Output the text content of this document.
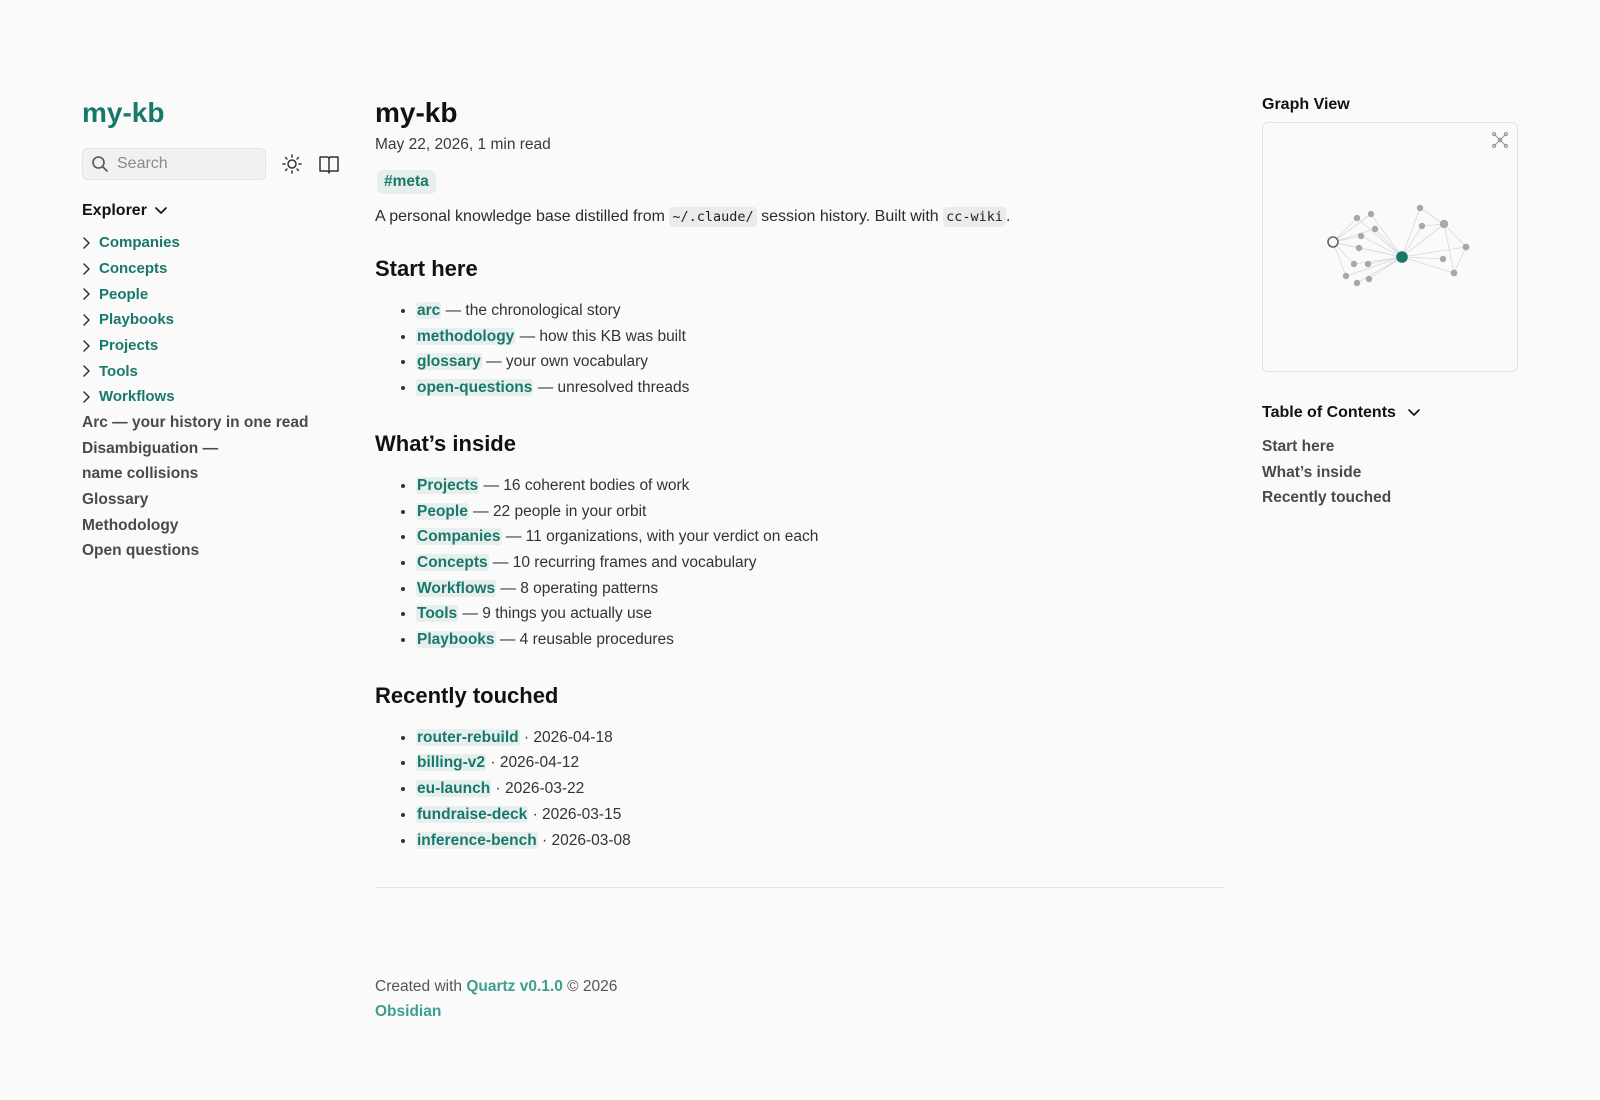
my-kb
Search
Explorer
Companies
Concepts
People
Playbooks
Projects
Tools
Workflows
Arc — your history in one read
Disambiguation —
name collisions
Glossary
Methodology
Open questions
my-kb
May 22, 2026, 1 min read
#meta

A personal knowledge base distilled from ~/.claude/ session history. Built with cc-wiki .

Start here
• arc — the chronological story
• methodology — how this KB was built
• glossary — your own vocabulary
• open-questions — unresolved threads
What’s inside
• Projects — 16 coherent bodies of work
• People — 22 people in your orbit
• Companies — 11 organizations, with your verdict on each
• Concepts — 10 recurring frames and vocabulary
• Workflows — 8 operating patterns
• Tools — 9 things you actually use
• Playbooks — 4 reusable procedures
Recently touched
• router-rebuild · 2026-04-18
• billing-v2 · 2026-04-12
• eu-launch · 2026-03-22
• fundraise-deck · 2026-03-15
• inference-bench · 2026-03-08
Created with Quartz v0.1.0 © 2026
Obsidian
Graph View
Table of Contents
Start here
What’s inside
Recently touched
